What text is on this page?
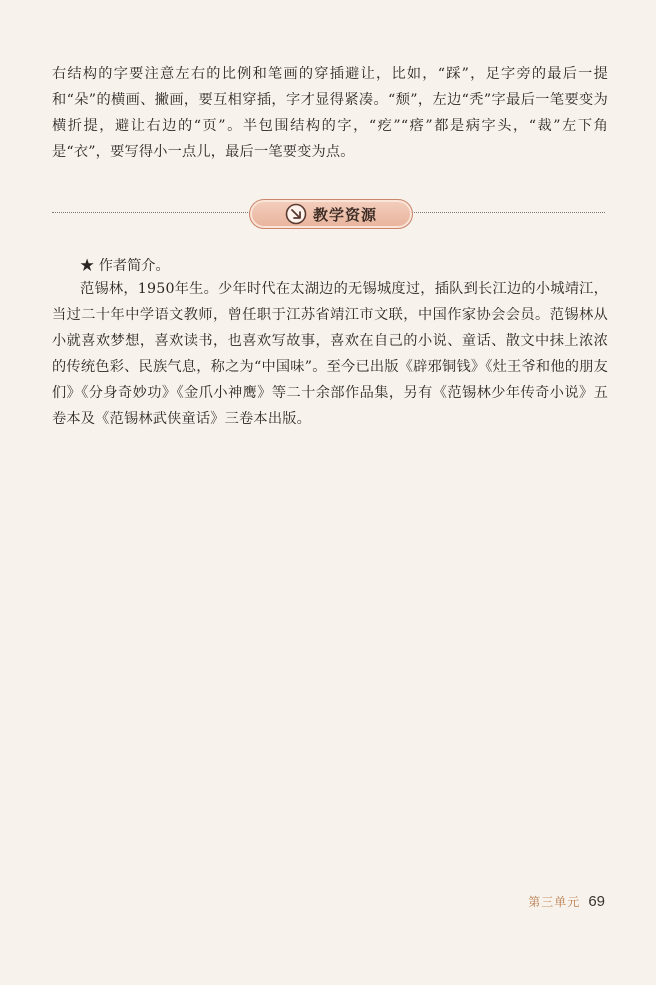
右结构的字要注意左右的比例和笔画的穿插避让，比如，“踩”，足字旁的最后一提和“朵”的横画、撇画，要互相穿插，字才显得紧凑。“颓”，左边“秃”字最后一笔要变为横折提，避让右边的“页”。半包围结构的字，“疙”“瘩”都是病字头，“裁”左下角是“衣”，要写得小一点儿，最后一笔要变为点。
教学资源
★ 作者简介。
范锡林，1950年生。少年时代在太湖边的无锡城度过，插队到长江边的小城靖江，当过二十年中学语文教师，曾任职于江苏省靖江市文联，中国作家协会会员。范锡林从小就喜欢梦想，喜欢读书，也喜欢写故事，喜欢在自己的小说、童话、散文中抹上浓浓的传统色彩、民族气息，称之为“中国味”。至今已出版《辟邪铜钱》《灶王爷和他的朋友们》《分身奇妙功》《金爪小神鹰》等二十余部作品集，另有《范锡林少年传奇小说》五卷本及《范锡林武侠童话》三卷本出版。
第三单元 69
